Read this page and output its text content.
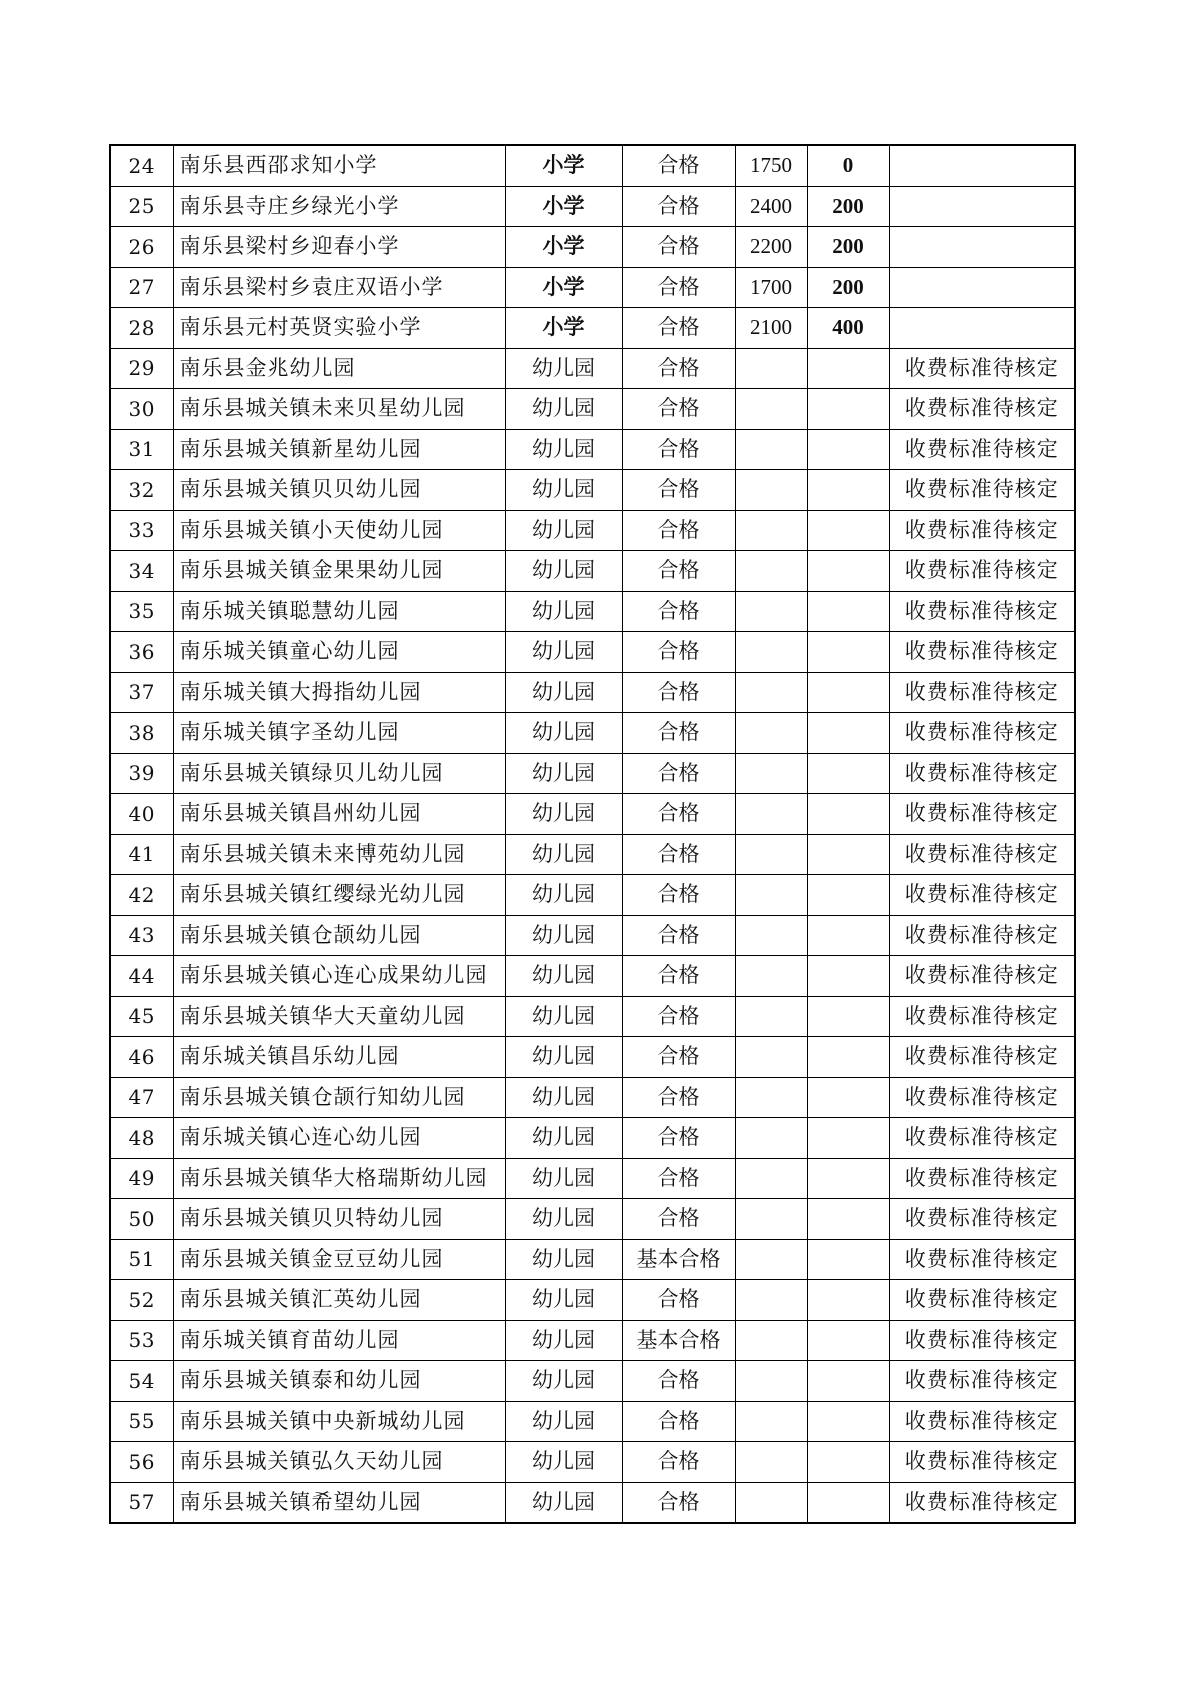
24	南乐县西邵求知小学	小学	合格	1750	0	
25	南乐县寺庄乡绿光小学	小学	合格	2400	200	
26	南乐县梁村乡迎春小学	小学	合格	2200	200	
27	南乐县梁村乡袁庄双语小学	小学	合格	1700	200	
28	南乐县元村英贤实验小学	小学	合格	2100	400	
29	南乐县金兆幼儿园	幼儿园	合格			收费标准待核定
30	南乐县城关镇未来贝星幼儿园	幼儿园	合格			收费标准待核定
31	南乐县城关镇新星幼儿园	幼儿园	合格			收费标准待核定
32	南乐县城关镇贝贝幼儿园	幼儿园	合格			收费标准待核定
33	南乐县城关镇小天使幼儿园	幼儿园	合格			收费标准待核定
34	南乐县城关镇金果果幼儿园	幼儿园	合格			收费标准待核定
35	南乐城关镇聪慧幼儿园	幼儿园	合格			收费标准待核定
36	南乐城关镇童心幼儿园	幼儿园	合格			收费标准待核定
37	南乐城关镇大拇指幼儿园	幼儿园	合格			收费标准待核定
38	南乐城关镇字圣幼儿园	幼儿园	合格			收费标准待核定
39	南乐县城关镇绿贝儿幼儿园	幼儿园	合格			收费标准待核定
40	南乐县城关镇昌州幼儿园	幼儿园	合格			收费标准待核定
41	南乐县城关镇未来博苑幼儿园	幼儿园	合格			收费标准待核定
42	南乐县城关镇红缨绿光幼儿园	幼儿园	合格			收费标准待核定
43	南乐县城关镇仓颉幼儿园	幼儿园	合格			收费标准待核定
44	南乐县城关镇心连心成果幼儿园	幼儿园	合格			收费标准待核定
45	南乐县城关镇华大天童幼儿园	幼儿园	合格			收费标准待核定
46	南乐城关镇昌乐幼儿园	幼儿园	合格			收费标准待核定
47	南乐县城关镇仓颉行知幼儿园	幼儿园	合格			收费标准待核定
48	南乐城关镇心连心幼儿园	幼儿园	合格			收费标准待核定
49	南乐县城关镇华大格瑞斯幼儿园	幼儿园	合格			收费标准待核定
50	南乐县城关镇贝贝特幼儿园	幼儿园	合格			收费标准待核定
51	南乐县城关镇金豆豆幼儿园	幼儿园	基本合格			收费标准待核定
52	南乐县城关镇汇英幼儿园	幼儿园	合格			收费标准待核定
53	南乐城关镇育苗幼儿园	幼儿园	基本合格			收费标准待核定
54	南乐县城关镇泰和幼儿园	幼儿园	合格			收费标准待核定
55	南乐县城关镇中央新城幼儿园	幼儿园	合格			收费标准待核定
56	南乐县城关镇弘久天幼儿园	幼儿园	合格			收费标准待核定
57	南乐县城关镇希望幼儿园	幼儿园	合格			收费标准待核定
